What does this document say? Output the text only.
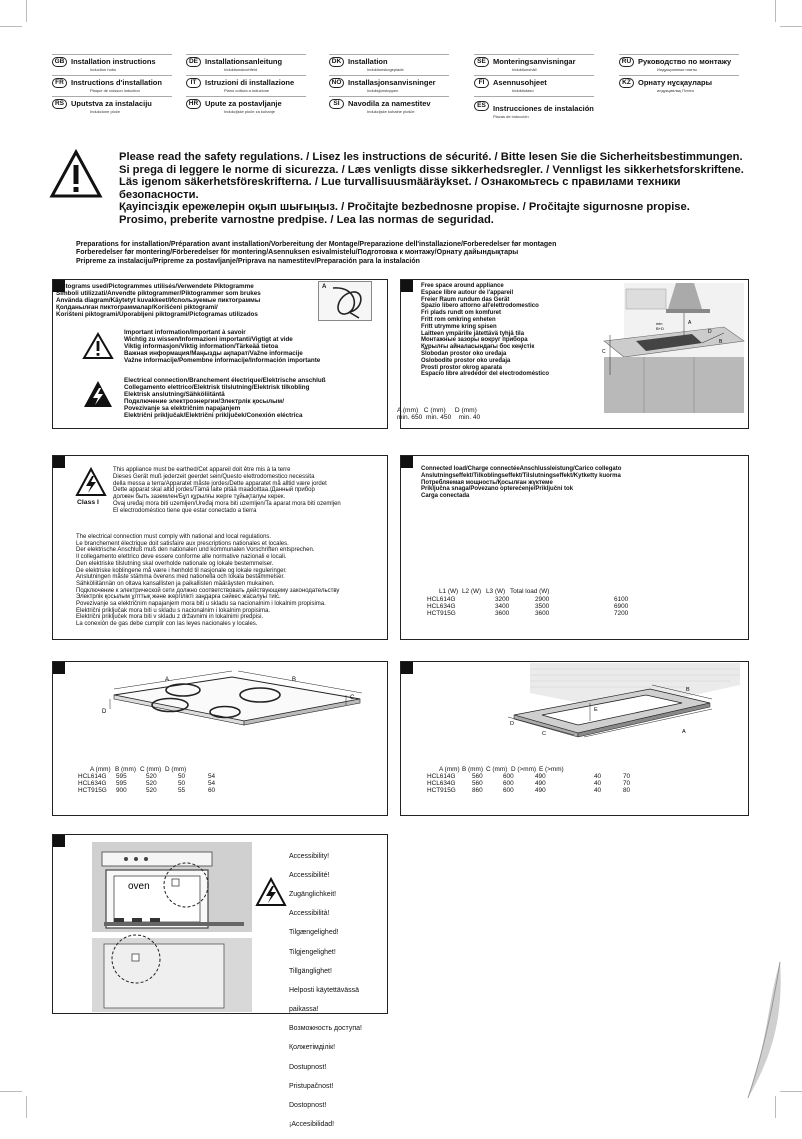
GB Installation instructions
Induction hobs
DE Installationsanleitung
Induktionskochfeld
DK Installation
Induktionskogeplade
SE Monteringsanvisningar
Induktionshäll
RU Руководство по монтажу
Индукционные плиты
FR Instructions d'installation
Plaque de cuisson induction
IT	Istruzioni di installazione
Piano cottura a induzione
NO Installasjonsanvisninger
Induksjonstoppen
FI	Asennusohjeet
Induktiotaso
KZ Орнату нұсқаулары
индукциялық Плита
RS Uputstva za instalaciju
Indukcione ploče
HR Upute za postavljanje
Indukcijske ploče za kuhanje
SI	Navodila za namestitev
Indukcijske kuhalne plošče
ES Instrucciones de instalación
Placas de inducción
Please read the safety regulations. / Lisez les instructions de sécurité. / Bitte lesen Sie die Sicherheitsbestimmungen.
Si prega di leggere le norme di sicurezza. / Læs venligts disse sikkerhedsregler. / Vennligst les sikkerhetsforskriftene.
Läs igenom säkerhetsföreskrifterna. / Lue turvallisuusmääräykset. / Ознакомьтесь с правилами техники безопасности.
Қауіпсіздік ережелерін оқып шығыңыз. / Pročitajte bezbednosne propise. / Pročitajte sigurnosne propise.
Prosimo, preberite varnostne predpise. / Lea las normas de seguridad.
Preparations for installation/Préparation avant installation/Vorbereitung der Montage/Preparazione dell'installazione/Forberedelser før montagen
Forberedelser før montering/Förberedelser för montering/Asennuksen esivalmistelu/Подготовка к монтажу/Орнату дайындықтары
Pripreme za instalaciju/Pripreme za postavljanje/Priprava na namestitev/Preparación para la instalación
Pictograms used/Pictogrammes utilisés/Verwendete Piktogramme
Simboli utilizzati/Anvendte piktogrammer/Piktogrammer som brukes
Använda diagram/Käytetyt kuvakkeet/Используемые пиктограммы
Қолданылған пиктограммалар/Korišćeni piktogrami/
Korišteni piktogrami/Uporabljeni piktogrami/Pictogramas utilizados
A
Important information/Important à savoir
Wichtig zu wissen/Informazioni importanti/Vigtigt at vide
Viktig informasjon/Viktig information/Tärkeää tietoa
Важная информация/Маңызды ақпарат/Važne informacije
Važne informacije/Pomembne informacije/Información importante
Electrical connection/Branchement électrique/Elektrische anschluß
Collegamento elettrico/Elektrisk tilslutning/Elektrisk tilkobling
Elektrisk anslutning/Sähköliitäntä
Подключение электроэнергии/Электрлік қосылым/
Povezivanje sa električnim napajanjem
Električni priključak/Električni priključek/Conexión eléctrica
Free space around appliance
Espace libre autour de l'appareil
Freier Raum rundum das Gerät
Spazio libero attorno all'elettrodomestico
Fri plads rundt om komfuret
Fritt rom omkring enheten
Fritt utrymme kring spisen
Laitteen ympärille jätettävä tyhjä tila
Монтажные зазоры вокруг прибора
Құрылғы айналасындағы бос кеңістік
Slobodan prostor oko uređaja
Oslobodite prostor oko uređaja
Prosti prostor okrog aparata
Espacio libre alrededor del electrodoméstico
A (mm)   C (mm)     D (mm)
min. 650  min. 450    min. 40
A
B
C
D
min
B+D
Class I
This appliance must be earthed/Cet appareil doit être mis à la terre
Dieses Gerät muß jederzeit geerdet sein/Questo elettrodomestico necessita
della messa a terra/Apparatet måste jordes/Dette apparatet må alltid være jordet
Dette apparat skal altid jordes/Tämä laite pitää maadoittaa./Данный прибор
должен быть заземлен/Бұл құрылғы жерге тұйықталуы керек.
Ovaj uređaj mora biti uzemljen/Uređaj mora biti uzemljen/Ta aparat mora biti ozemljen
El electrodoméstico tiene que estar conectado a tierra
The electrical connection must comply with national and local regulations.
Le branchement électrique doit satisfaire aux prescriptions nationales et locales.
Der elektrische Anschluß muß den nationalen und kommunalen Vorschriften entsprechen.
Il collegamento elettrico deve essere conforme alle normative nazionali e locali.
Den elektriske tilslutning skal overholde nationale og lokale bestemmelser.
De elektriske koblingene må være i henhold til nasjonale og lokale reguleringer.
Anslutningen måste stämma överens med nationella och lokala bestämmelser.
Sähköliitännän on oltava kansallisten ja paikallisten määräysten mukainen.
Подключение к электрической сети должно соответствовать действующему законодательству
Электрлік қосылым ұлттық және жергілікті заңдарға сәйкес жасалуы тиіс.
Povezivanje sa električnim napajanjem mora biti u skladu sa nacionalnim i lokalnim propisima.
Električni priključak mora biti u skladu s nacionalnim i lokalnim propisima.
Električni priključek mora biti v skladu z državnimi in lokalnimi predpisi.
La conexión de gas debe cumplir con las leyes nacionales y locales.
Connected load/Charge connectéeAnschlussleistung/Carico collegato
Anslutningseffekt/Tilkoblingseffekt/Tilslutningseffekt/Kytketty kuorma
Потребляемая мощность/Қосылған жүктеме
Priključna snaga/Povezano opterećenje/Priključni tok
Carga conectada
L1 (W) L2 (W) L3 (W) Total load (W)
HCL614G	3200	2900	6100
HCL634G	3400	3500	6900
HCT915G	3600	3600	7200
A	B
C
D
A (mm) B (mm) C (mm) D (mm)
HCL614G 595	520	50	54
HCL634G 595	520	50	54
HCT915G 900	520	55	60
E
B
D
C	A
A (mm) B (mm) C (mm) D (>mm) E (>mm)
HCL614G	560	600	490	40	70
HCL634G	560	600	490	40	70
HCT915G	860	600	490	40	80
oven

Accessibility!

Accessibilité!

Zugänglichkeit!

Accessibilità!

Tilgængelighed!

Tilgjengelighet!

Tillgänglighet!

Helposti käytettävässä

paikassa!

Возможность доступа!

Қолжетімділік!

Dostupnost!

Pristupačnost!

Dostopnost!

¡Accesibilidad!
